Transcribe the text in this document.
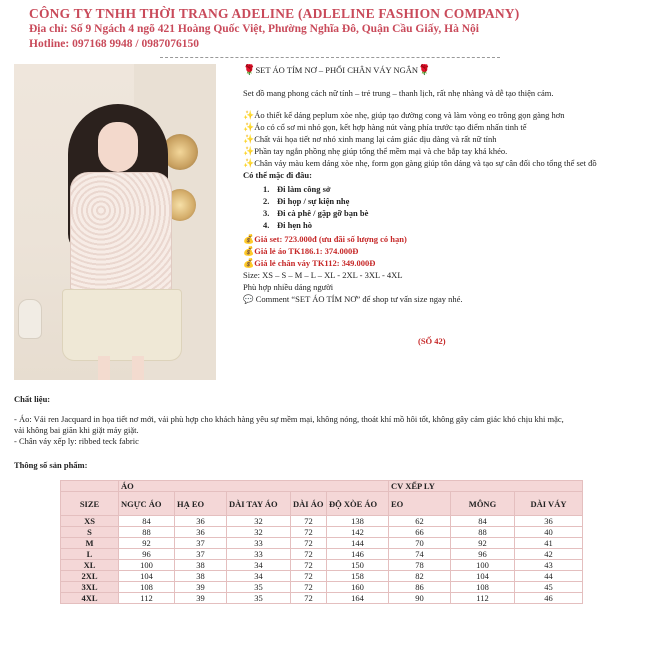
CÔNG TY TNHH THỜI TRANG ADELINE (ADLELINE FASHION COMPANY)
Địa chỉ: Số 9 Ngách 4 ngõ 421 Hoàng Quốc Việt, Phường Nghĩa Đô, Quận Cầu Giấy, Hà Nội
Hotline: 097168 9948 / 0987076150

🌹SET ÁO TÍM NƠ – PHỐI CHÂN VÁY NGẮN🌹

Set đồ mang phong cách nữ tính – trẻ trung – thanh lịch, rất nhẹ nhàng và dễ tạo thiện cảm.

✨Áo thiết kế dáng peplum xòe nhẹ, giúp tạo đường cong và làm vòng eo trông gọn gàng hơn

✨Áo có cổ sơ mi nhỏ gọn, kết hợp hàng nút vàng phía trước tạo điểm nhấn tinh tế

✨Chất vải họa tiết nơ nhỏ xinh mang lại cảm giác dịu dàng và rất nữ tính

✨Phần tay ngắn phồng nhẹ giúp tổng thể mềm mại và che bắp tay khá khéo.

✨Chân váy màu kem dáng xòe nhẹ, form gọn gàng giúp tôn dáng và tạo sự cân đối cho tổng thể set đồ

Có thể mặc đi đâu:

1. Đi làm công sở
2. Đi họp / sự kiện nhẹ
3. Đi cà phê / gặp gỡ bạn bè
4. Đi hẹn hò

💰Giá set: 723.000đ (ưu đãi số lượng có hạn)

💰Giá lẻ áo TK186.1: 374.000Đ

💰Giá lẻ chân váy TK112: 349.000Đ

Size: XS – S – M – L – XL - 2XL - 3XL - 4XL

Phù hợp nhiều dáng người

💬 Comment “SET ÁO TÍM NƠ” để shop tư vấn size ngay nhé.

(SỐ 42)

Chất liệu:

- Áo: Vải ren Jacquard in họa tiết nơ mới, vải phù hợp cho khách hàng yêu sự mềm mại, không nóng, thoát khí mồ hôi tốt, không gây cảm giác khó chịu khi mặc,

vải không bai giãn khi giặt máy giặt.

- Chân váy xếp ly: ribbed teck fabric

Thông số sản phẩm:
	ÁO					CV XẾP LY		
SIZE	NGỰC ÁO	HẠ EO	DÀI TAY ÁO	DÀI ÁO	ĐỘ XÒE ÁO	EO	MÔNG	DÀI VÁY
XS	84	36	32	72	138	62	84	36
S	88	36	32	72	142	66	88	40
M	92	37	33	72	144	70	92	41
L	96	37	33	72	146	74	96	42
XL	100	38	34	72	150	78	100	43
2XL	104	38	34	72	158	82	104	44
3XL	108	39	35	72	160	86	108	45
4XL	112	39	35	72	164	90	112	46
